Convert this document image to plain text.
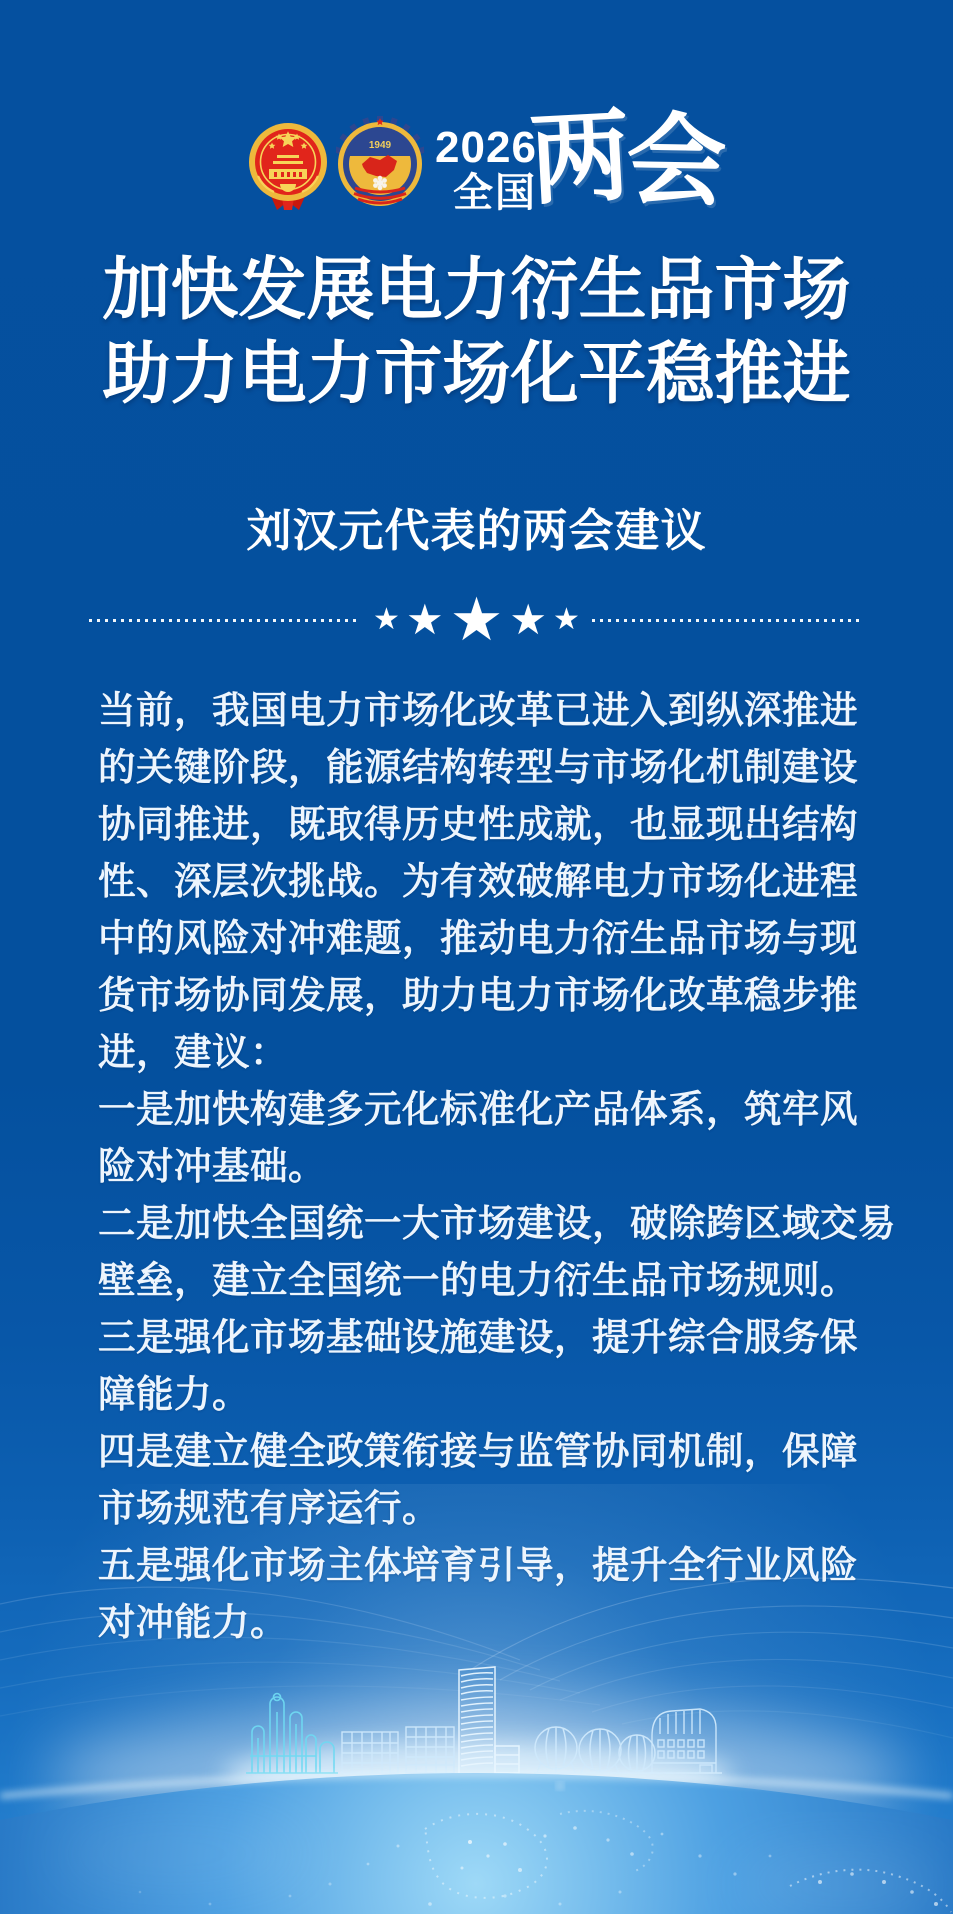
1949 2026
全国
两会
加快发展电力衍生品市场
助力电力市场化平稳推进
刘汉元代表的两会建议
★ ★ ★ ★ ★
当前，我国电力市场化改革已进入到纵深推进
的关键阶段，能源结构转型与市场化机制建设
协同推进，既取得历史性成就，也显现出结构
性、深层次挑战。为有效破解电力市场化进程
中的风险对冲难题，推动电力衍生品市场与现
货市场协同发展，助力电力市场化改革稳步推
进，建议：
一是加快构建多元化标准化产品体系，筑牢风
险对冲基础。
二是加快全国统一大市场建设，破除跨区域交易
壁垒，建立全国统一的电力衍生品市场规则。
三是强化市场基础设施建设，提升综合服务保
障能力。
四是建立健全政策衔接与监管协同机制，保障
市场规范有序运行。
五是强化市场主体培育引导，提升全行业风险
对冲能力。
